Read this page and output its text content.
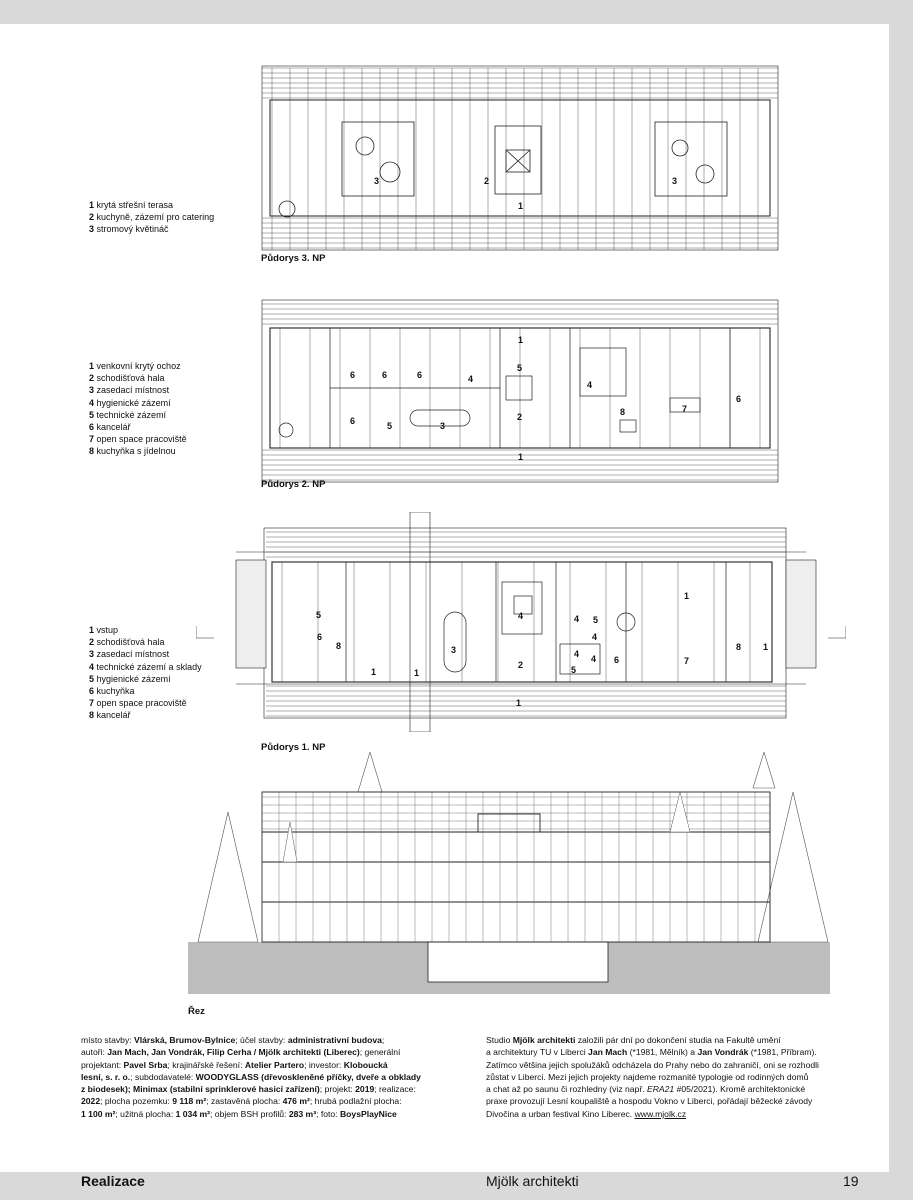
3	2	3
1
1 krytá střešní terasa
2 kuchyně, zázemí pro catering
3 stromový květináč
Půdorys 3. NP
1
6	6	6	4
5
4
6	5	3
2	8	7
6
1
1 venkovní krytý ochoz
2 schodišťová hala
3 zasedací místnost
4 hygienické zázemí
5 technické zázemí
6 kancelář
7 open space pracoviště
8 kuchyňka s jídelnou
Půdorys 2. NP
5
6
8
1	1
3
4	4 5
4
2
4
5
4 6
1
7
8 1
1
1 vstup
2 schodišťová hala
3 zasedací místnost
4 technické zázemí a sklady
5 hygienické zázemí
6 kuchyňka
7 open space pracoviště
8 kancelář
Půdorys 1. NP
Řez
místo stavby: Vlárská, Brumov-Bylnice; účel stavby: administrativní budova;
autoři: Jan Mach, Jan Vondrák, Filip Cerha / Mjölk architekti (Liberec); generální
projektant: Pavel Srba; krajinářské řešení: Atelier Partero; investor: Kloboucká
lesní, s. r. o.; subdodavatelé: WOODYGLASS (dřevoskleněné příčky, dveře a obklady
z biodesek); Minimax (stabilní sprinklerové hasicí zařízení); projekt: 2019; realizace:
2022; plocha pozemku: 9 118 m²; zastavěná plocha: 476 m²; hrubá podlažní plocha:
1 100 m²; užitná plocha: 1 034 m²; objem BSH profilů: 283 m³; foto: BoysPlayNice
Studio Mjölk architekti založili pár dní po dokončení studia na Fakultě umění
a architektury TU v Liberci Jan Mach (*1981, Mělník) a Jan Vondrák (*1981, Příbram).
Zatímco většina jejich spolužáků odcházela do Prahy nebo do zahraničí, oni se rozhodli
zůstat v Liberci. Mezi jejich projekty najdeme rozmanité typologie od rodinných domů
a chat až po saunu či rozhledny (viz např. ERA21 #05/2021). Kromě architektonické
praxe provozují Lesní koupaliště a hospodu Vokno v Liberci, pořádají běžecké závody
Divočina a urban festival Kino Liberec. www.mjolk.cz
Realizace	Mjölk architekti	19
